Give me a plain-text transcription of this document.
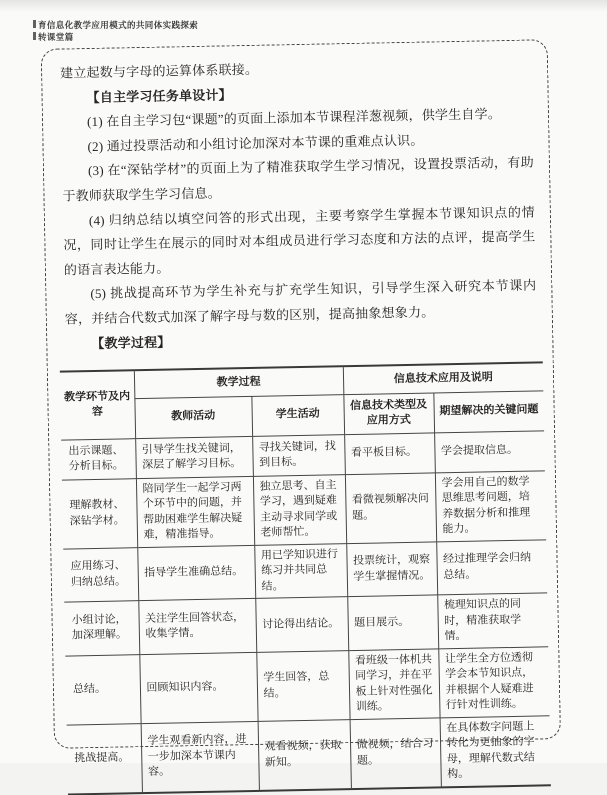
育信息化教学应用模式的共同体实践探索
转课堂篇

建立起数与字母的运算体系联接。

【自主学习任务单设计】

(1) 在自主学习包“课题”的页面上添加本节课程洋葱视频，供学生自学。

(2) 通过投票活动和小组讨论加深对本节课的重难点认识。

(3) 在“深钻学材”的页面上为了精准获取学生学习情况，设置投票活动，有助于教师获取学生学习信息。

(4) 归纳总结以填空问答的形式出现，主要考察学生掌握本节课知识点的情况，同时让学生在展示的同时对本组成员进行学习态度和方法的点评，提高学生的语言表达能力。

(5) 挑战提高环节为学生补充与扩充学生知识，引导学生深入研究本节课内容，并结合代数式加深了解字母与数的区别，提高抽象想象力。

【教学过程】

教学环节及内容	教学过程		信息技术应用及说明	
	教师活动	学生活动	信息技术类型及应用方式	期望解决的关键问题
出示课题、分析目标。	引导学生找关键词，深层了解学习目标。	寻找关键词，找到目标。	看平板目标。	学会提取信息。
理解教材、深钻学材。	陪同学生一起学习两个环节中的问题，并帮助困难学生解决疑难，精准指导。	独立思考、自主学习，遇到疑难主动寻求同学或老师帮忙。	看微视频解决问题。	学会用自己的数学思维思考问题，培养数据分析和推理能力。
应用练习、归纳总结。	指导学生准确总结。	用已学知识进行练习并共同总结。	投票统计，观察学生掌握情况。	经过推理学会归纳总结。
小组讨论，加深理解。	关注学生回答状态，收集学情。	讨论得出结论。	题目展示。	梳理知识点的同时，精准获取学情。
总结。	回顾知识内容。	学生回答，总结。	看班级一体机共同学习，并在平板上针对性强化训练。	让学生全方位透彻学会本节知识点，并根据个人疑难进行针对性训练。
挑战提高。	学生观看新内容，进一步加深本节课内容。	观看视频，获取新知。	微视频，结合习题。	在具体数字问题上转化为更抽象的字母，理解代数式结构。
